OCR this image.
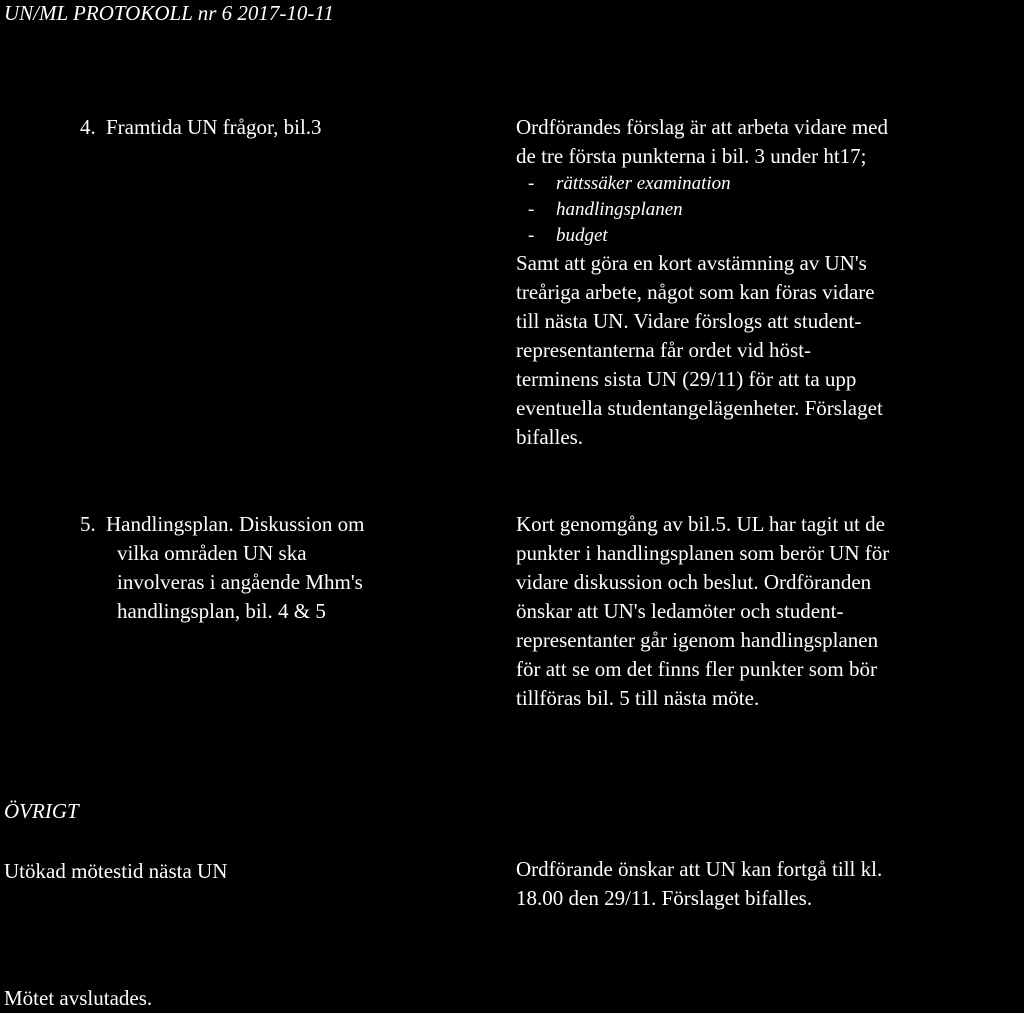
UN/ML PROTOKOLL nr 6 2017-10-11
4. Framtida UN frågor, bil.3	Ordförandes förslag är att arbeta vidare med
de tre första punkterna i bil. 3 under ht17;
- rättssäker examination
- handlingsplanen
- budget
Samt att göra en kort avstämning av UN's
treåriga arbete, något som kan föras vidare
till nästa UN. Vidare förslogs att student-
representanterna får ordet vid höst-
terminens sista UN (29/11) för att ta upp
eventuella studentangelägenheter. Förslaget
bifalles.
5. Handlingsplan. Diskussion om
vilka områden UN ska
involveras i angående Mhm's
handlingsplan, bil. 4 & 5
Kort genomgång av bil.5. UL har tagit ut de
punkter i handlingsplanen som berör UN för
vidare diskussion och beslut. Ordföranden
önskar att UN's ledamöter och student-
representanter går igenom handlingsplanen
för att se om det finns fler punkter som bör
tillföras bil. 5 till nästa möte.
ÖVRIGT
Utökad mötestid nästa UN	Ordförande önskar att UN kan fortgå till kl.
18.00 den 29/11. Förslaget bifalles.
Mötet avslutades.
